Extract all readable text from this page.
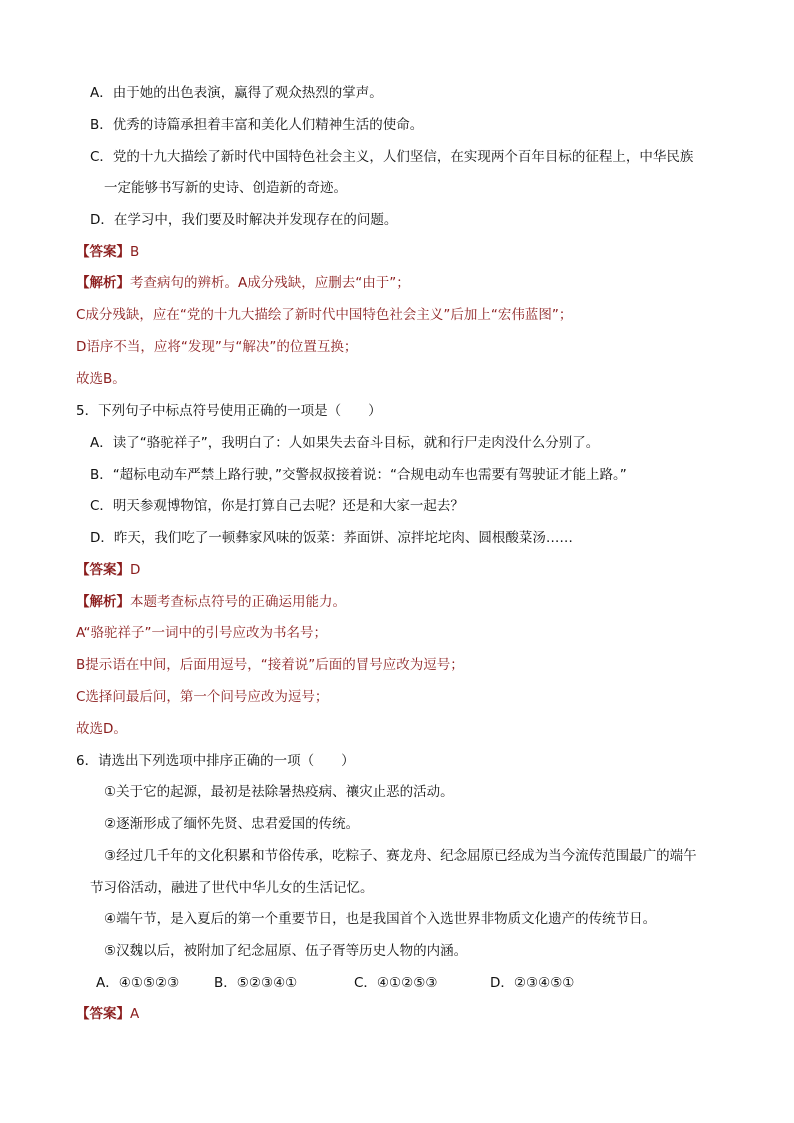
A．由于她的出色表演，赢得了观众热烈的掌声。
B．优秀的诗篇承担着丰富和美化人们精神生活的使命。
C．党的十九大描绘了新时代中国特色社会主义，人们坚信，在实现两个百年目标的征程上，中华民族
一定能够书写新的史诗、创造新的奇迹。
D．在学习中，我们要及时解决并发现存在的问题。
【答案】B
【解析】考查病句的辨析。A成分残缺，应删去“由于”；
C成分残缺，应在“党的十九大描绘了新时代中国特色社会主义”后加上“宏伟蓝图”；
D语序不当，应将“发现”与“解决”的位置互换；
故选B。
5．下列句子中标点符号使用正确的一项是（　　）
A．读了“骆驼祥子”，我明白了：人如果失去奋斗目标，就和行尸走肉没什么分别了。
B．“超标电动车严禁上路行驶，”交警叔叔接着说：“合规电动车也需要有驾驶证才能上路。”
C．明天参观博物馆，你是打算自己去呢？还是和大家一起去？
D．昨天，我们吃了一顿彝家风味的饭菜：荞面饼、凉拌坨坨肉、圆根酸菜汤……
【答案】D
【解析】本题考查标点符号的正确运用能力。
A“骆驼祥子”一词中的引号应改为书名号；
B提示语在中间，后面用逗号，“接着说”后面的冒号应改为逗号；
C选择问最后问，第一个问号应改为逗号；
故选D。
6．请选出下列选项中排序正确的一项（　　）
①关于它的起源，最初是祛除暑热疫病、禳灾止恶的活动。
②逐渐形成了缅怀先贤、忠君爱国的传统。
③经过几千年的文化积累和节俗传承，吃粽子、赛龙舟、纪念屈原已经成为当今流传范围最广的端午
节习俗活动，融进了世代中华儿女的生活记忆。
④端午节，是入夏后的第一个重要节日，也是我国首个入选世界非物质文化遗产的传统节日。
⑤汉魏以后，被附加了纪念屈原、伍子胥等历史人物的内涵。
A．④①⑤②③	B．⑤②③④①	C．④①②⑤③	D．②③④⑤①
【答案】A
